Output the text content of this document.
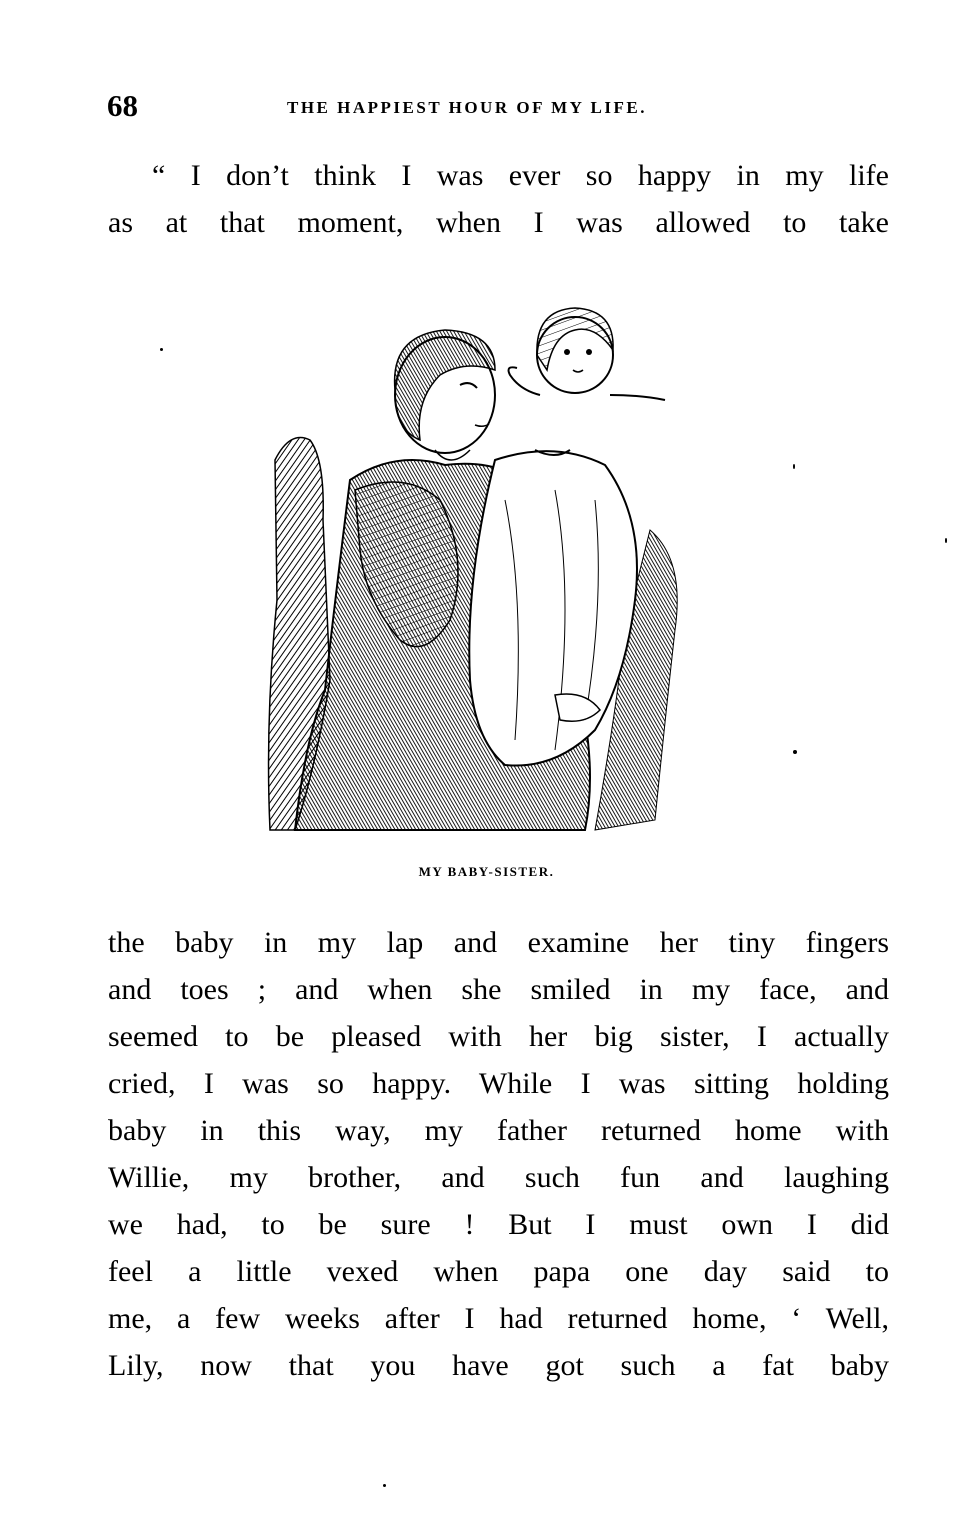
68	THE HAPPIEST HOUR OF MY LIFE.
“ I don’t think I was ever so happy in my life
as at that moment, when I was allowed to take
MY BABY-SISTER.
the baby in my lap and examine her tiny fingers
and toes ; and when she smiled in my face, and
seemed to be pleased with her big sister, I actually
cried, I was so happy. While I was sitting holding
baby in this way, my father returned home with
Willie, my brother, and such fun and laughing
we had, to be sure ! But I must own I did
feel a little vexed when papa one day said to
me, a few weeks after I had returned home, ‘ Well,
Lily, now that you have got such a fat baby
